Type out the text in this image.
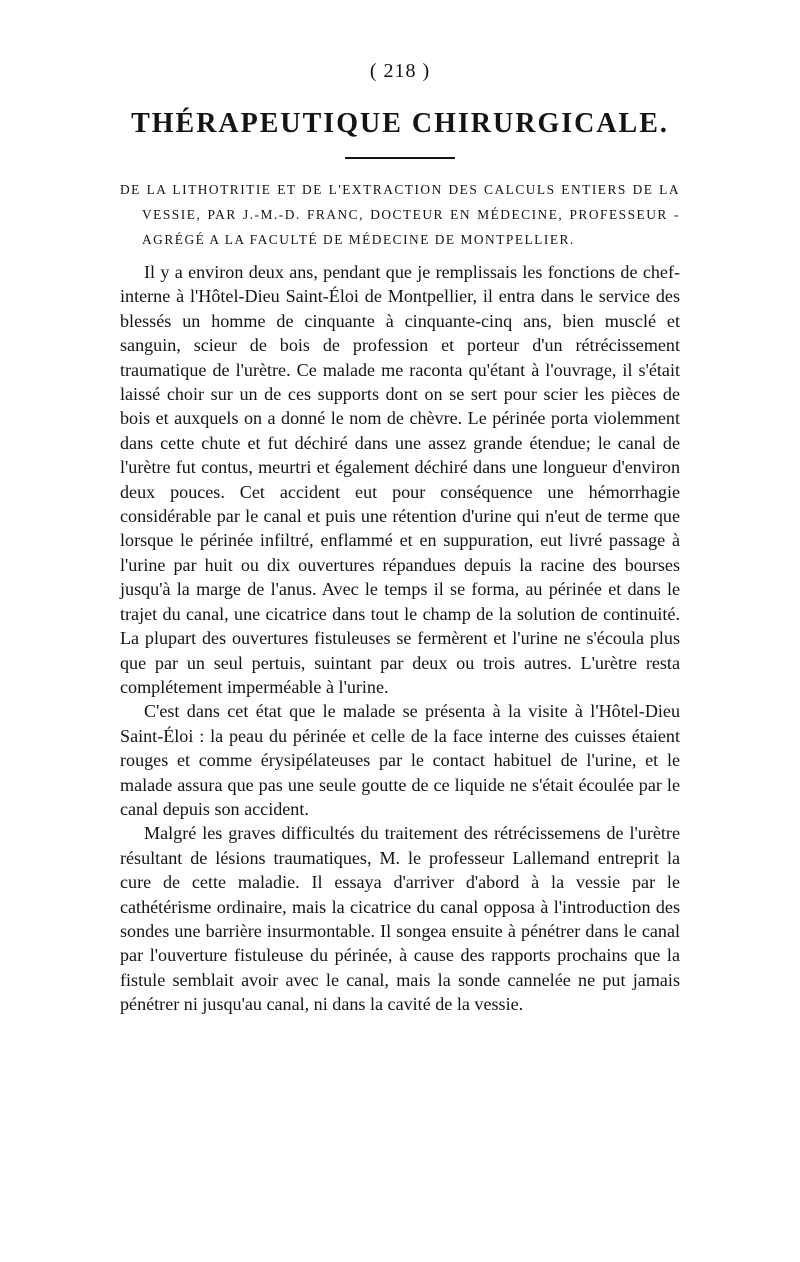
( 218 )
THÉRAPEUTIQUE CHIRURGICALE.

DE LA LITHOTRITIE ET DE L'EXTRACTION DES CALCULS ENTIERS DE LA VESSIE, PAR J.-M.-D. FRANC, DOCTEUR EN MÉDECINE, PROFESSEUR - AGRÉGÉ A LA FACULTÉ DE MÉDECINE DE MONTPELLIER.

Il y a environ deux ans, pendant que je remplissais les fonctions de chef-interne à l'Hôtel-Dieu Saint-Éloi de Montpellier, il entra dans le service des blessés un homme de cinquante à cinquante-cinq ans, bien musclé et sanguin, scieur de bois de profession et porteur d'un rétrécissement traumatique de l'urètre. Ce malade me raconta qu'étant à l'ouvrage, il s'était laissé choir sur un de ces supports dont on se sert pour scier les pièces de bois et auxquels on a donné le nom de chèvre. Le périnée porta violemment dans cette chute et fut déchiré dans une assez grande étendue; le canal de l'urètre fut contus, meurtri et également déchiré dans une longueur d'environ deux pouces. Cet accident eut pour conséquence une hémorrhagie considérable par le canal et puis une rétention d'urine qui n'eut de terme que lorsque le périnée infiltré, enflammé et en suppuration, eut livré passage à l'urine par huit ou dix ouvertures répandues depuis la racine des bourses jusqu'à la marge de l'anus. Avec le temps il se forma, au périnée et dans le trajet du canal, une cicatrice dans tout le champ de la solution de continuité. La plupart des ouvertures fistuleuses se fermèrent et l'urine ne s'écoula plus que par un seul pertuis, suintant par deux ou trois autres. L'urètre resta complétement imperméable à l'urine.

C'est dans cet état que le malade se présenta à la visite à l'Hôtel-Dieu Saint-Éloi : la peau du périnée et celle de la face interne des cuisses étaient rouges et comme érysipélateuses par le contact habituel de l'urine, et le malade assura que pas une seule goutte de ce liquide ne s'était écoulée par le canal depuis son accident.

Malgré les graves difficultés du traitement des rétrécissemens de l'urètre résultant de lésions traumatiques, M. le professeur Lallemand entreprit la cure de cette maladie. Il essaya d'arriver d'abord à la vessie par le cathétérisme ordinaire, mais la cicatrice du canal opposa à l'introduction des sondes une barrière insurmontable. Il songea ensuite à pénétrer dans le canal par l'ouverture fistuleuse du périnée, à cause des rapports prochains que la fistule semblait avoir avec le canal, mais la sonde cannelée ne put jamais pénétrer ni jusqu'au canal, ni dans la cavité de la vessie.
